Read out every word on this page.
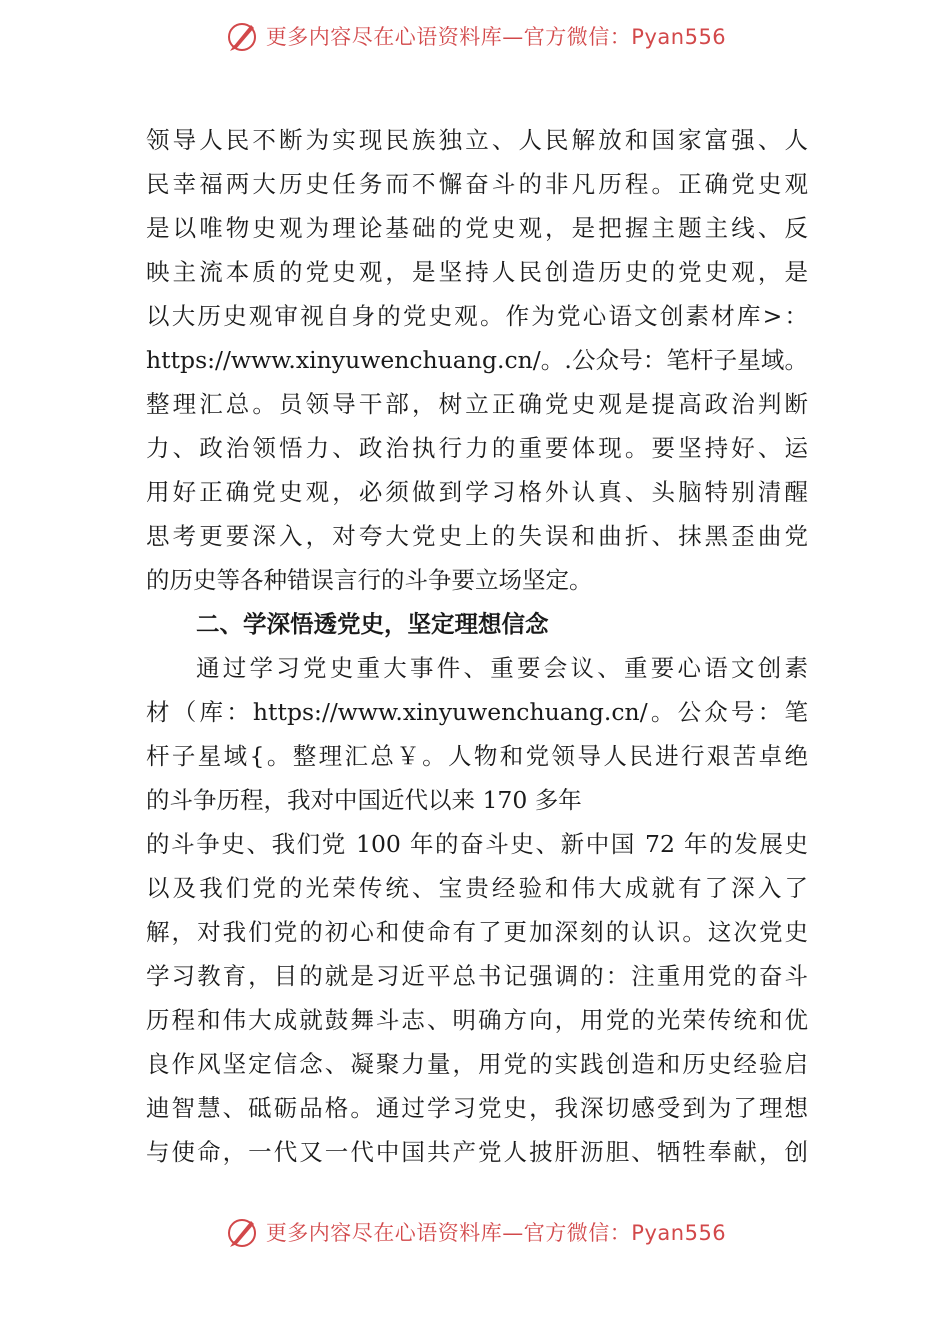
更多内容尽在心语资料库—官方微信：Pyan556
领导人民不断为实现民族独立、人民解放和国家富强、人
民幸福两大历史任务而不懈奋斗的非凡历程。正确党史观
是以唯物史观为理论基础的党史观，是把握主题主线、反
映主流本质的党史观，是坚持人民创造历史的党史观，是
以大历史观审视自身的党史观。作为党心语文创素材库>：
https://www.xinyuwenchuang.cn/。.公众号：笔杆子星域。
整理汇总。员领导干部，树立正确党史观是提高政治判断
力、政治领悟力、政治执行力的重要体现。要坚持好、运
用好正确党史观，必须做到学习格外认真、头脑特别清醒
思考更要深入，对夸大党史上的失误和曲折、抹黑歪曲党
的历史等各种错误言行的斗争要立场坚定。
二、学深悟透党史，坚定理想信念
通过学习党史重大事件、重要会议、重要心语文创素
材（库：https://www.xinyuwenchuang.cn/。公众号：笔
杆子星域{。整理汇总￥。人物和党领导人民进行艰苦卓绝
的斗争历程，我对中国近代以来 170 多年
的斗争史、我们党 100 年的奋斗史、新中国 72 年的发展史
以及我们党的光荣传统、宝贵经验和伟大成就有了深入了
解，对我们党的初心和使命有了更加深刻的认识。这次党史
学习教育，目的就是习近平总书记强调的：注重用党的奋斗
历程和伟大成就鼓舞斗志、明确方向，用党的光荣传统和优
良作风坚定信念、凝聚力量，用党的实践创造和历史经验启
迪智慧、砥砺品格。通过学习党史，我深切感受到为了理想
与使命，一代又一代中国共产党人披肝沥胆、牺牲奉献，创
更多内容尽在心语资料库—官方微信：Pyan556
